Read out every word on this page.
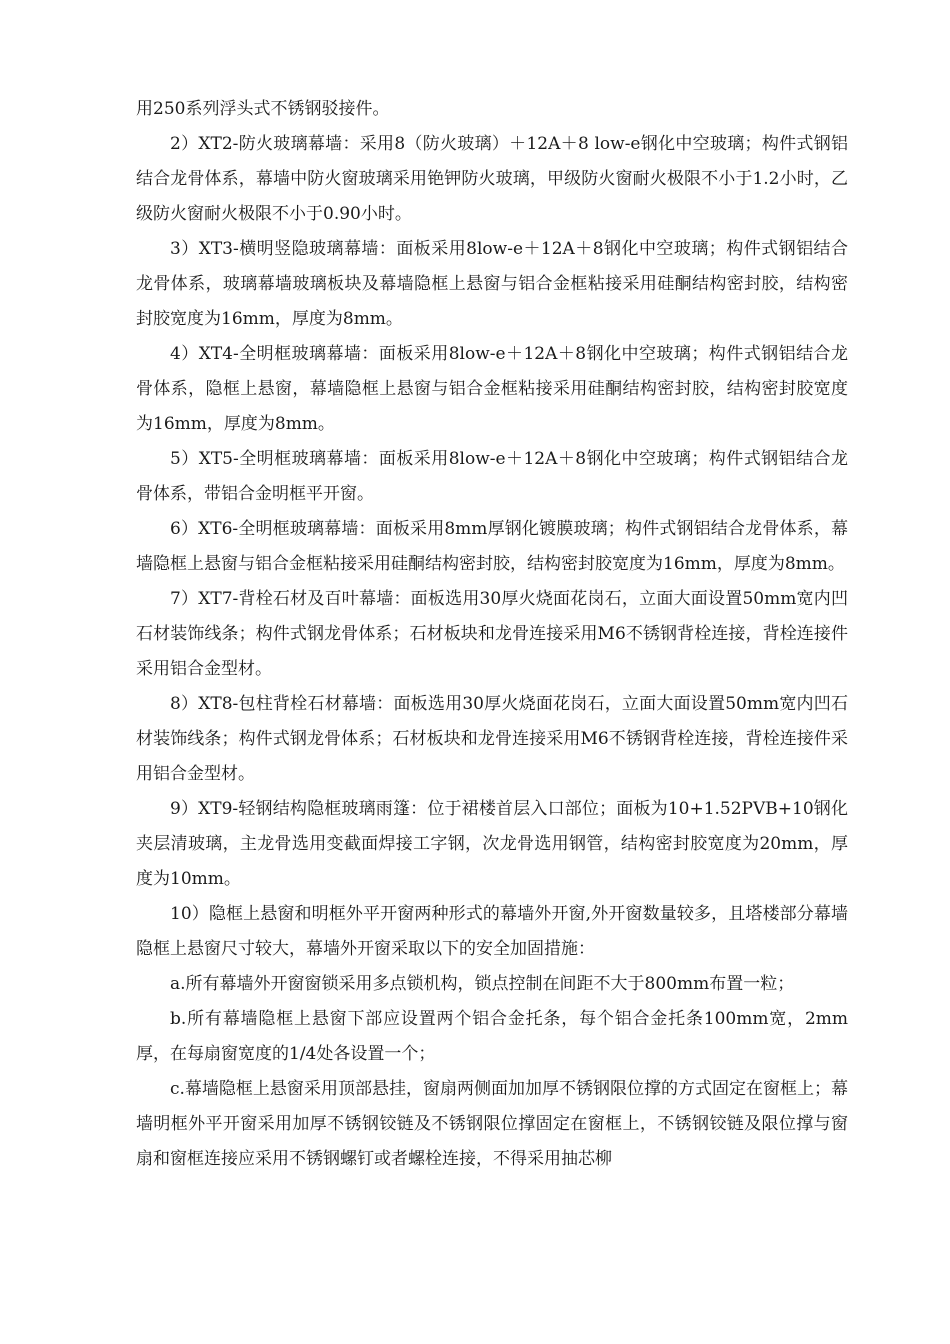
用250系列浮头式不锈钢驳接件。

2）XT2-防火玻璃幕墙：采用8（防火玻璃）＋12A＋8 low-e钢化中空玻璃；构件式钢铝结合龙骨体系，幕墙中防火窗玻璃采用铯钾防火玻璃，甲级防火窗耐火极限不小于1.2小时，乙级防火窗耐火极限不小于0.90小时。

3）XT3-横明竖隐玻璃幕墙：面板采用8low-e＋12A＋8钢化中空玻璃；构件式钢铝结合龙骨体系，玻璃幕墙玻璃板块及幕墙隐框上悬窗与铝合金框粘接采用硅酮结构密封胶，结构密封胶宽度为16mm，厚度为8mm。

4）XT4-全明框玻璃幕墙：面板采用8low-e＋12A＋8钢化中空玻璃；构件式钢铝结合龙骨体系，隐框上悬窗，幕墙隐框上悬窗与铝合金框粘接采用硅酮结构密封胶，结构密封胶宽度为16mm，厚度为8mm。

5）XT5-全明框玻璃幕墙：面板采用8low-e＋12A＋8钢化中空玻璃；构件式钢铝结合龙骨体系，带铝合金明框平开窗。

6）XT6-全明框玻璃幕墙：面板采用8mm厚钢化镀膜玻璃；构件式钢铝结合龙骨体系，幕墙隐框上悬窗与铝合金框粘接采用硅酮结构密封胶，结构密封胶宽度为16mm，厚度为8mm。

7）XT7-背栓石材及百叶幕墙：面板选用30厚火烧面花岗石，立面大面设置50mm宽内凹石材装饰线条；构件式钢龙骨体系；石材板块和龙骨连接采用M6不锈钢背栓连接，背栓连接件采用铝合金型材。

8）XT8-包柱背栓石材幕墙：面板选用30厚火烧面花岗石，立面大面设置50mm宽内凹石材装饰线条；构件式钢龙骨体系；石材板块和龙骨连接采用M6不锈钢背栓连接，背栓连接件采用铝合金型材。

9）XT9-轻钢结构隐框玻璃雨篷：位于裙楼首层入口部位；面板为10+1.52PVB+10钢化夹层清玻璃，主龙骨选用变截面焊接工字钢，次龙骨选用钢管，结构密封胶宽度为20mm，厚度为10mm。

10）隐框上悬窗和明框外平开窗两种形式的幕墙外开窗,外开窗数量较多，且塔楼部分幕墙隐框上悬窗尺寸较大，幕墙外开窗采取以下的安全加固措施：

a.所有幕墙外开窗窗锁采用多点锁机构，锁点控制在间距不大于800mm布置一粒；

b.所有幕墙隐框上悬窗下部应设置两个铝合金托条，每个铝合金托条100mm宽，2mm厚，在每扇窗宽度的1/4处各设置一个；

c.幕墙隐框上悬窗采用顶部悬挂，窗扇两侧面加加厚不锈钢限位撑的方式固定在窗框上；幕墙明框外平开窗采用加厚不锈钢铰链及不锈钢限位撑固定在窗框上，不锈钢铰链及限位撑与窗扇和窗框连接应采用不锈钢螺钉或者螺栓连接，不得采用抽芯柳
